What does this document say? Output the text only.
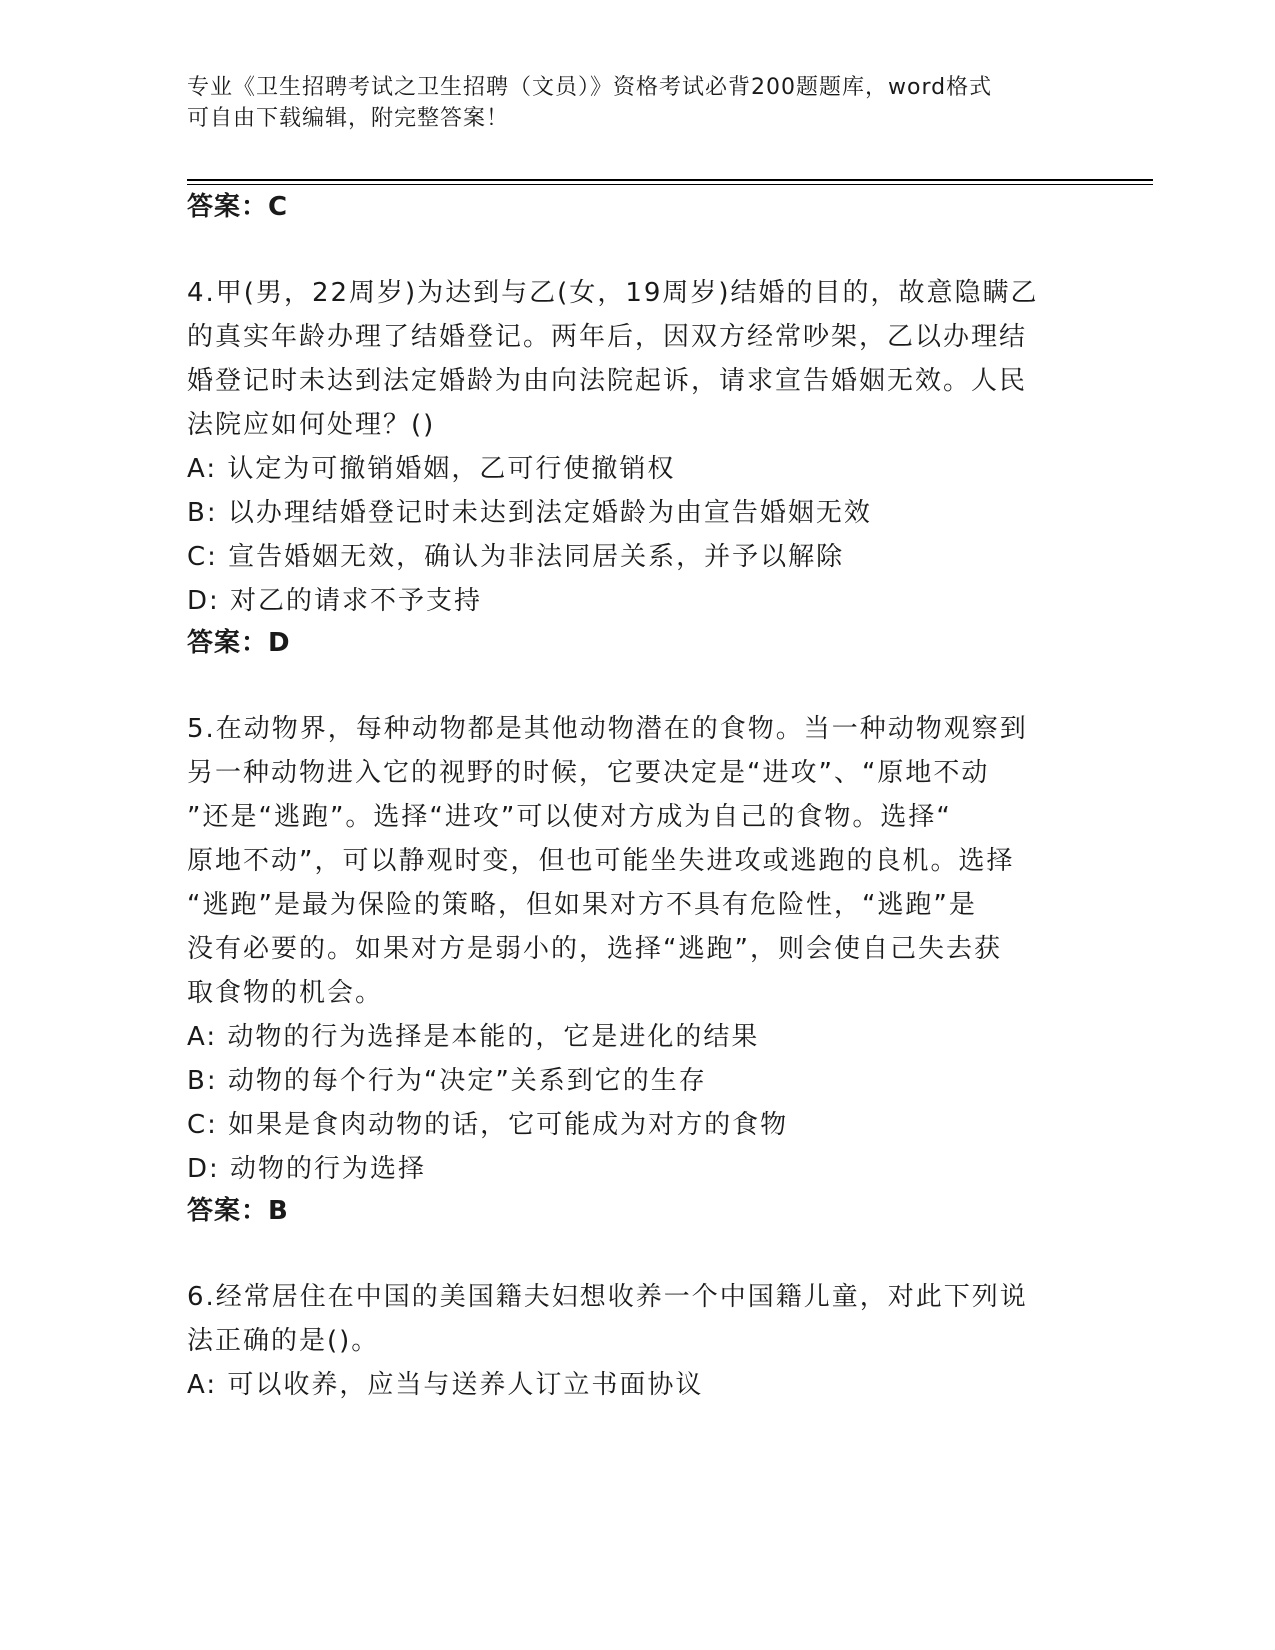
专业《卫生招聘考试之卫生招聘（文员）》资格考试必背200题题库，word格式
可自由下载编辑，附完整答案！
答案：C
4.甲(男，22周岁)为达到与乙(女，19周岁)结婚的目的，故意隐瞒乙
的真实年龄办理了结婚登记。两年后，因双方经常吵架，乙以办理结
婚登记时未达到法定婚龄为由向法院起诉，请求宣告婚姻无效。人民
法院应如何处理？()
A: 认定为可撤销婚姻，乙可行使撤销权
B: 以办理结婚登记时未达到法定婚龄为由宣告婚姻无效
C: 宣告婚姻无效，确认为非法同居关系，并予以解除
D: 对乙的请求不予支持
答案：D
5.在动物界，每种动物都是其他动物潜在的食物。当一种动物观察到
另一种动物进入它的视野的时候，它要决定是“进攻”、“原地不动
”还是“逃跑”。选择“进攻”可以使对方成为自己的食物。选择“
原地不动”，可以静观时变，但也可能坐失进攻或逃跑的良机。选择
“逃跑”是最为保险的策略，但如果对方不具有危险性，“逃跑”是
没有必要的。如果对方是弱小的，选择“逃跑”，则会使自己失去获
取食物的机会。
A: 动物的行为选择是本能的，它是进化的结果
B: 动物的每个行为“决定”关系到它的生存
C: 如果是食肉动物的话，它可能成为对方的食物
D: 动物的行为选择
答案：B
6.经常居住在中国的美国籍夫妇想收养一个中国籍儿童，对此下列说
法正确的是()。
A: 可以收养，应当与送养人订立书面协议
